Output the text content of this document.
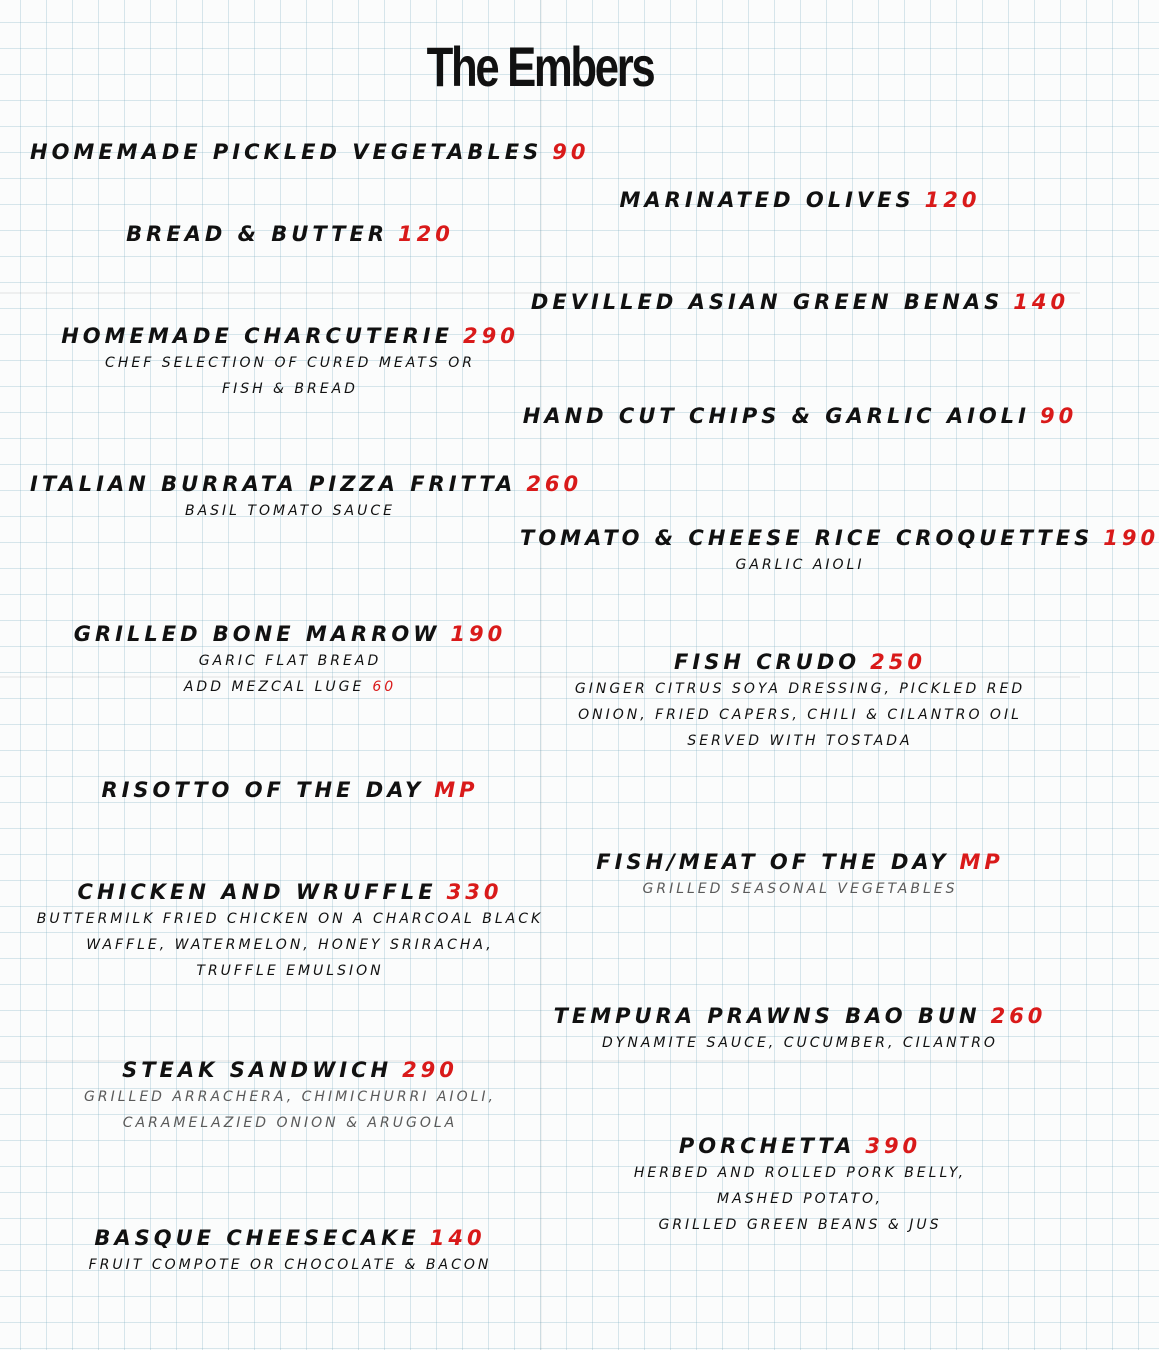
The Embers
HOMEMADE PICKLED VEGETABLES 90
BREAD & BUTTER 120
HOMEMADE CHARCUTERIE 290
CHEF SELECTION OF CURED MEATS OR
FISH & BREAD
ITALIAN BURRATA PIZZA FRITTA 260
BASIL TOMATO SAUCE
GRILLED BONE MARROW 190
GARIC FLAT BREAD
ADD MEZCAL LUGE 60
RISOTTO OF THE DAY MP
CHICKEN AND WRUFFLE 330
BUTTERMILK FRIED CHICKEN ON A CHARCOAL BLACK
WAFFLE, WATERMELON, HONEY SRIRACHA,
TRUFFLE EMULSION
STEAK SANDWICH 290
GRILLED ARRACHERA, CHIMICHURRI AIOLI,
CARAMELAZIED ONION & ARUGOLA
BASQUE CHEESECAKE 140
FRUIT COMPOTE OR CHOCOLATE & BACON
MARINATED OLIVES 120
DEVILLED ASIAN GREEN BENAS 140
HAND CUT CHIPS & GARLIC AIOLI 90
TOMATO & CHEESE RICE CROQUETTES 190
GARLIC AIOLI
FISH CRUDO 250
GINGER CITRUS SOYA DRESSING, PICKLED RED
ONION, FRIED CAPERS, CHILI & CILANTRO OIL
SERVED WITH TOSTADA
FISH/MEAT OF THE DAY MP
GRILLED SEASONAL VEGETABLES
TEMPURA PRAWNS BAO BUN 260
DYNAMITE SAUCE, CUCUMBER, CILANTRO
PORCHETTA 390
HERBED AND ROLLED PORK BELLY,
MASHED POTATO,
GRILLED GREEN BEANS & JUS
